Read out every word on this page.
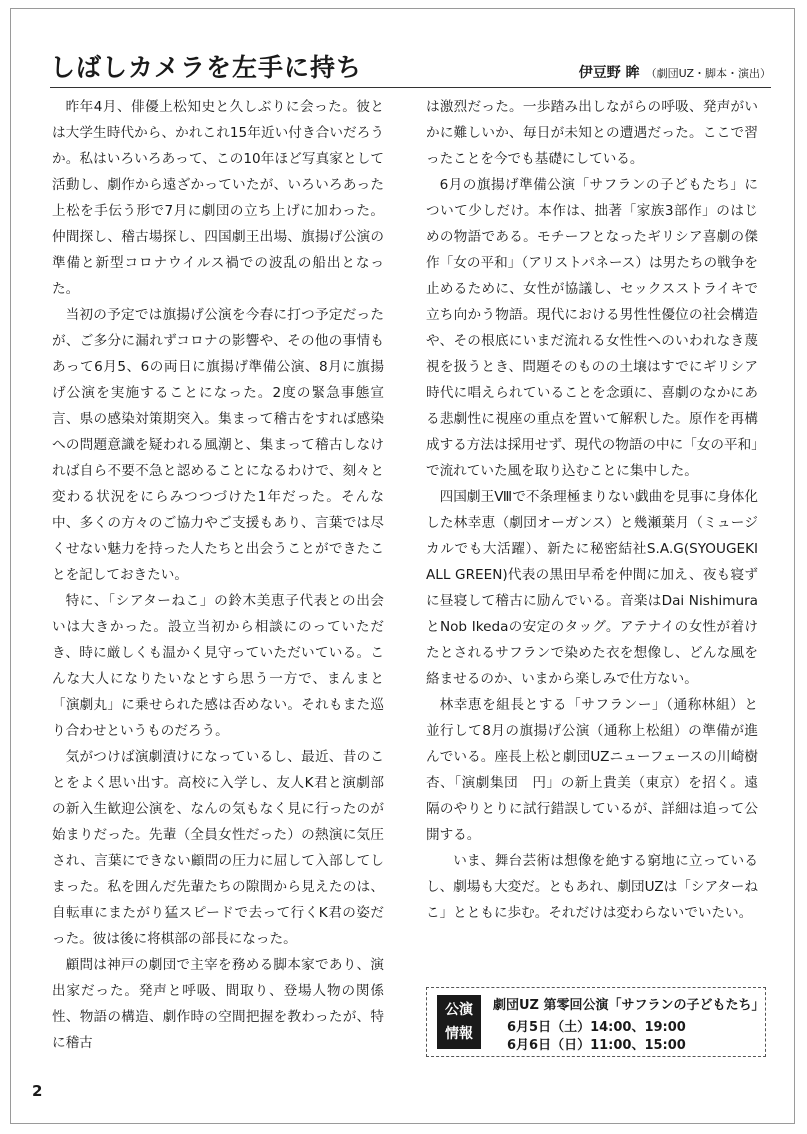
しばしカメラを左手に持ち	伊豆野 眸 （劇団UZ・脚本・演出）

昨年4月、俳優上松知史と久しぶりに会った。彼とは大学生時代から、かれこれ15年近い付き合いだろうか。私はいろいろあって、この10年ほど写真家として活動し、劇作から遠ざかっていたが、いろいろあった上松を手伝う形で7月に劇団の立ち上げに加わった。仲間探し、稽古場探し、四国劇王出場、旗揚げ公演の準備と新型コロナウイルス禍での波乱の船出となった。

当初の予定では旗揚げ公演を今春に打つ予定だったが、ご多分に漏れずコロナの影響や、その他の事情もあって6月5、6の両日に旗揚げ準備公演、8月に旗揚げ公演を実施することになった。2度の緊急事態宣言、県の感染対策期突入。集まって稽古をすれば感染への問題意識を疑われる風潮と、集まって稽古しなければ自ら不要不急と認めることになるわけで、刻々と変わる状況をにらみつつづけた1年だった。そんな中、多くの方々のご協力やご支援もあり、言葉では尽くせない魅力を持った人たちと出会うことができたことを記しておきたい。

特に、「シアターねこ」の鈴木美恵子代表との出会いは大きかった。設立当初から相談にのっていただき、時に厳しくも温かく見守っていただいている。こんな大人になりたいなとすら思う一方で、まんまと「演劇丸」に乗せられた感は否めない。それもまた巡り合わせというものだろう。

気がつけば演劇漬けになっているし、最近、昔のことをよく思い出す。高校に入学し、友人K君と演劇部の新入生歓迎公演を、なんの気もなく見に行ったのが始まりだった。先輩（全員女性だった）の熱演に気圧され、言葉にできない顧問の圧力に屈して入部してしまった。私を囲んだ先輩たちの隙間から見えたのは、自転車にまたがり猛スピードで去って行くK君の姿だった。彼は後に将棋部の部長になった。

顧問は神戸の劇団で主宰を務める脚本家であり、演出家だった。発声と呼吸、間取り、登場人物の関係性、物語の構造、劇作時の空間把握を教わったが、特に稽古

は激烈だった。一歩踏み出しながらの呼吸、発声がいかに難しいか、毎日が未知との遭遇だった。ここで習ったことを今でも基礎にしている。

6月の旗揚げ準備公演「サフランの子どもたち」について少しだけ。本作は、拙著「家族3部作」のはじめの物語である。モチーフとなったギリシア喜劇の傑作「女の平和」（アリストパネース）は男たちの戦争を止めるために、女性が協議し、セックスストライキで立ち向かう物語。現代における男性性優位の社会構造や、その根底にいまだ流れる女性性へのいわれなき蔑視を扱うとき、問題そのものの土壌はすでにギリシア時代に唱えられていることを念頭に、喜劇のなかにある悲劇性に視座の重点を置いて解釈した。原作を再構成する方法は採用せず、現代の物語の中に「女の平和」で流れていた風を取り込むことに集中した。

四国劇王Ⅷで不条理極まりない戯曲を見事に身体化した林幸恵（劇団オーガンス）と幾瀬葉月（ミュージカルでも大活躍）、新たに秘密結社S.A.G(SYOUGEKI ALL GREEN)代表の黒田早希を仲間に加え、夜も寝ずに昼寝して稽古に励んでいる。音楽はDai NishimuraとNob Ikedaの安定のタッグ。アテナイの女性が着けたとされるサフランで染めた衣を想像し、どんな風を絡ませるのか、いまから楽しみで仕方ない。

林幸恵を組長とする「サフランー」（通称林組）と並行して8月の旗揚げ公演（通称上松組）の準備が進んでいる。座長上松と劇団UZニューフェースの川崎樹杏、「演劇集団　円」の新上貴美（東京）を招く。遠隔のやりとりに試行錯誤しているが、詳細は追って公開する。

いま、舞台芸術は想像を絶する窮地に立っているし、劇場も大変だ。ともあれ、劇団UZは「シアターねこ」とともに歩む。それだけは変わらないでいたい。

公演
情報
劇団UZ 第零回公演「サフランの子どもたち」
6月5日（土）14:00、19:00
6月6日（日）11:00、15:00
2
